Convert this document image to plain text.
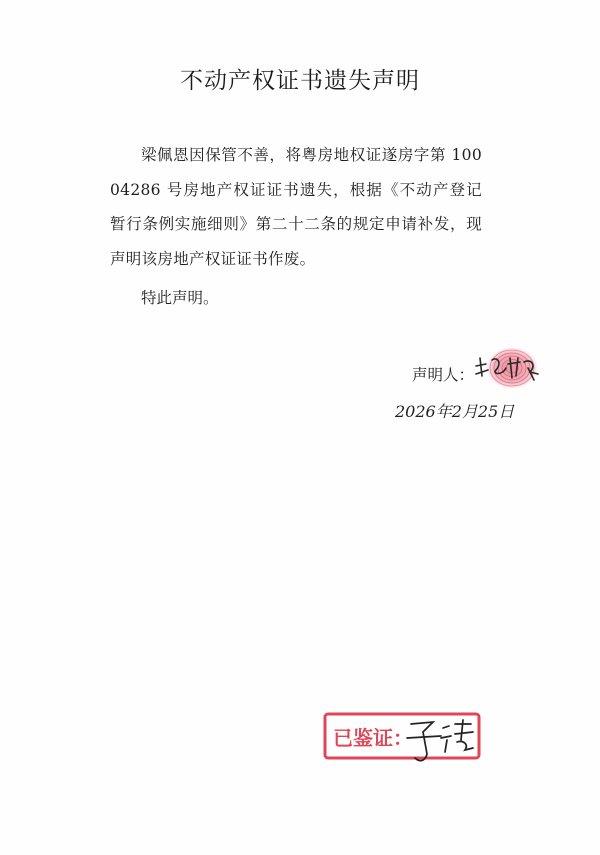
不动产权证书遗失声明
梁佩恩因保管不善，将粤房地权证遂房字第 10004286 号房地产权证证书遗失，根据《不动产登记暂行条例实施细则》第二十二条的规定申请补发，现声明该房地产权证证书作废。
特此声明。
声明人：
2026年2月25日
已鉴证：
